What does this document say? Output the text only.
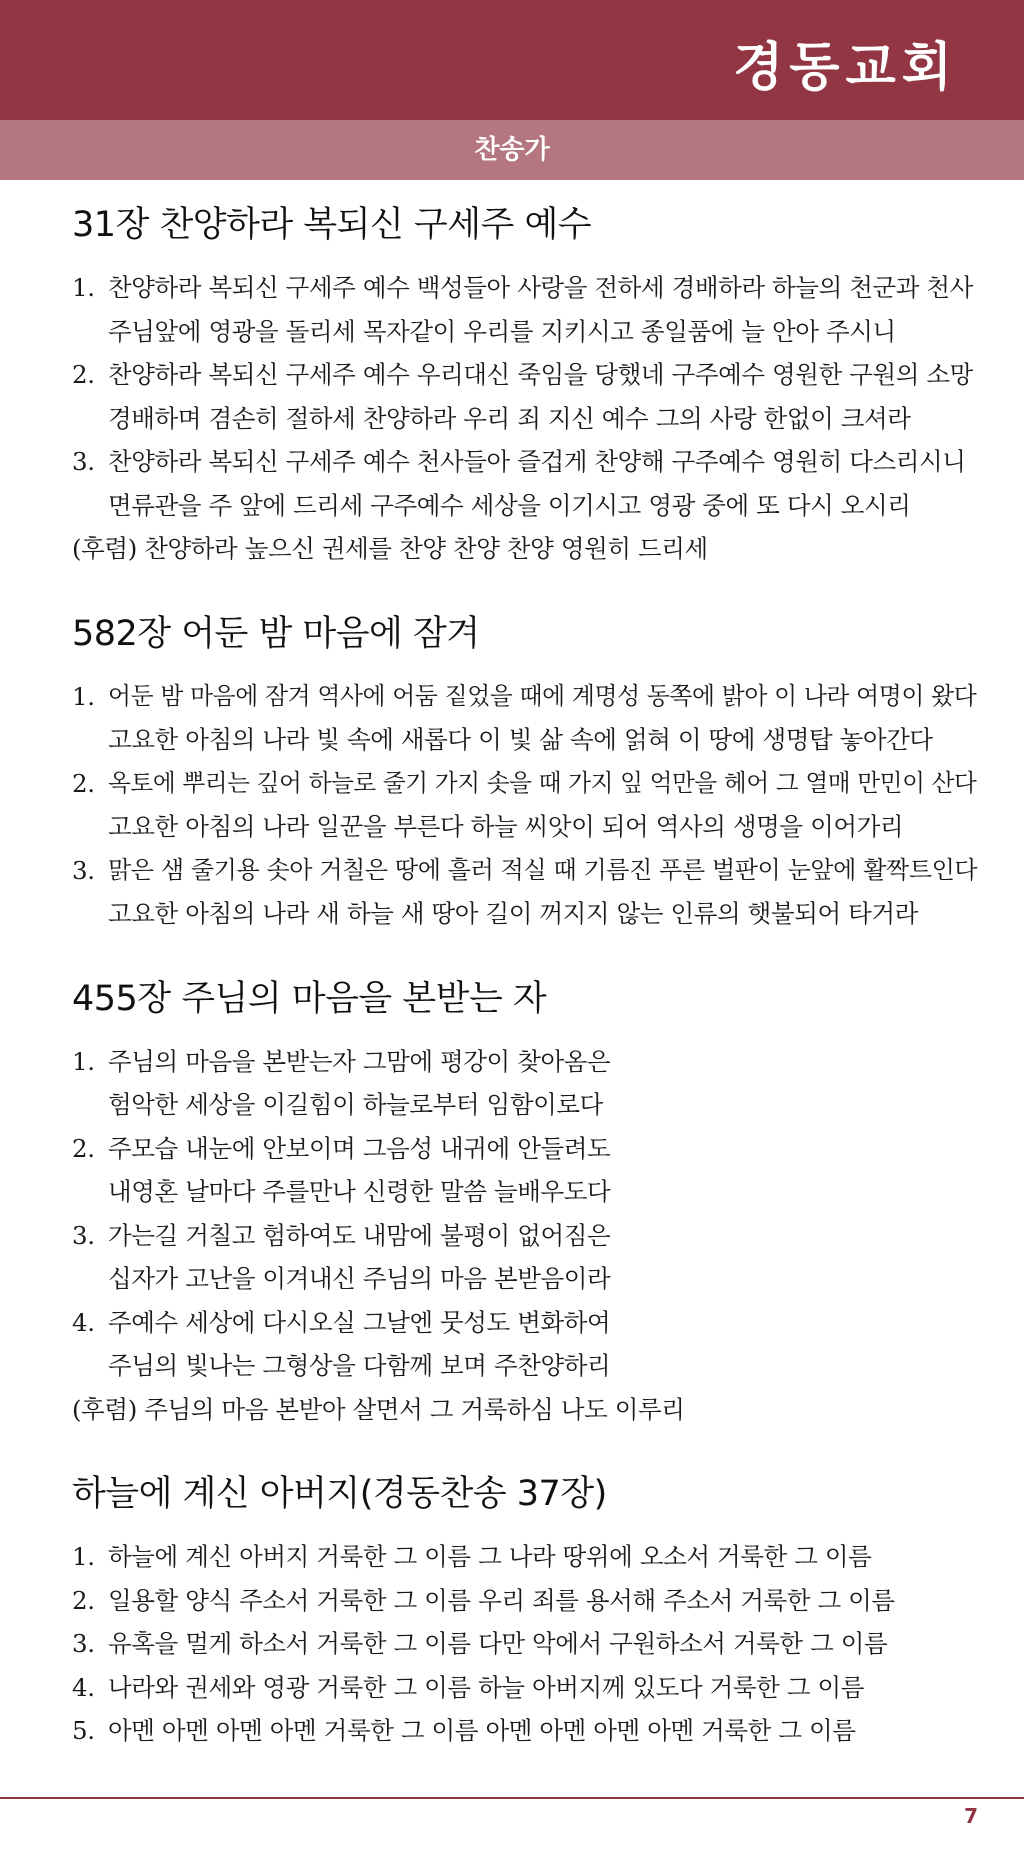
경동교회
찬송가
31장 찬양하라 복되신 구세주 예수
1. 찬양하라 복되신 구세주 예수 백성들아 사랑을 전하세 경배하라 하늘의 천군과 천사
주님앞에 영광을 돌리세 목자같이 우리를 지키시고 종일품에 늘 안아 주시니
2. 찬양하라 복되신 구세주 예수 우리대신 죽임을 당했네 구주예수 영원한 구원의 소망
경배하며 겸손히 절하세 찬양하라 우리 죄 지신 예수 그의 사랑 한없이 크셔라
3. 찬양하라 복되신 구세주 예수 천사들아 즐겁게 찬양해 구주예수 영원히 다스리시니
면류관을 주 앞에 드리세 구주예수 세상을 이기시고 영광 중에 또 다시 오시리
(후렴) 찬양하라 높으신 권세를 찬양 찬양 찬양 영원히 드리세
582장 어둔 밤 마음에 잠겨
1. 어둔 밤 마음에 잠겨 역사에 어둠 짙었을 때에 계명성 동쪽에 밝아 이 나라 여명이 왔다
고요한 아침의 나라 빛 속에 새롭다 이 빛 삶 속에 얽혀 이 땅에 생명탑 놓아간다
2. 옥토에 뿌리는 깊어 하늘로 줄기 가지 솟을 때 가지 잎 억만을 헤어 그 열매 만민이 산다
고요한 아침의 나라 일꾼을 부른다 하늘 씨앗이 되어 역사의 생명을 이어가리
3. 맑은 샘 줄기용 솟아 거칠은 땅에 흘러 적실 때 기름진 푸른 벌판이 눈앞에 활짝트인다
고요한 아침의 나라 새 하늘 새 땅아 길이 꺼지지 않는 인류의 햇불되어 타거라
455장 주님의 마음을 본받는 자
1. 주님의 마음을 본받는자 그맘에 평강이 찾아옴은
험악한 세상을 이길힘이 하늘로부터 임함이로다
2. 주모습 내눈에 안보이며 그음성 내귀에 안들려도
내영혼 날마다 주를만나 신령한 말씀 늘배우도다
3. 가는길 거칠고 험하여도 내맘에 불평이 없어짐은
십자가 고난을 이겨내신 주님의 마음 본받음이라
4. 주예수 세상에 다시오실 그날엔 뭇성도 변화하여
주님의 빛나는 그형상을 다함께 보며 주찬양하리
(후렴) 주님의 마음 본받아 살면서 그 거룩하심 나도 이루리
하늘에 계신 아버지(경동찬송 37장)
1. 하늘에 계신 아버지 거룩한 그 이름 그 나라 땅위에 오소서 거룩한 그 이름
2. 일용할 양식 주소서 거룩한 그 이름 우리 죄를 용서해 주소서 거룩한 그 이름
3. 유혹을 멀게 하소서 거룩한 그 이름 다만 악에서 구원하소서 거룩한 그 이름
4. 나라와 권세와 영광 거룩한 그 이름 하늘 아버지께 있도다 거룩한 그 이름
5. 아멘 아멘 아멘 아멘 거룩한 그 이름 아멘 아멘 아멘 아멘 거룩한 그 이름
7
